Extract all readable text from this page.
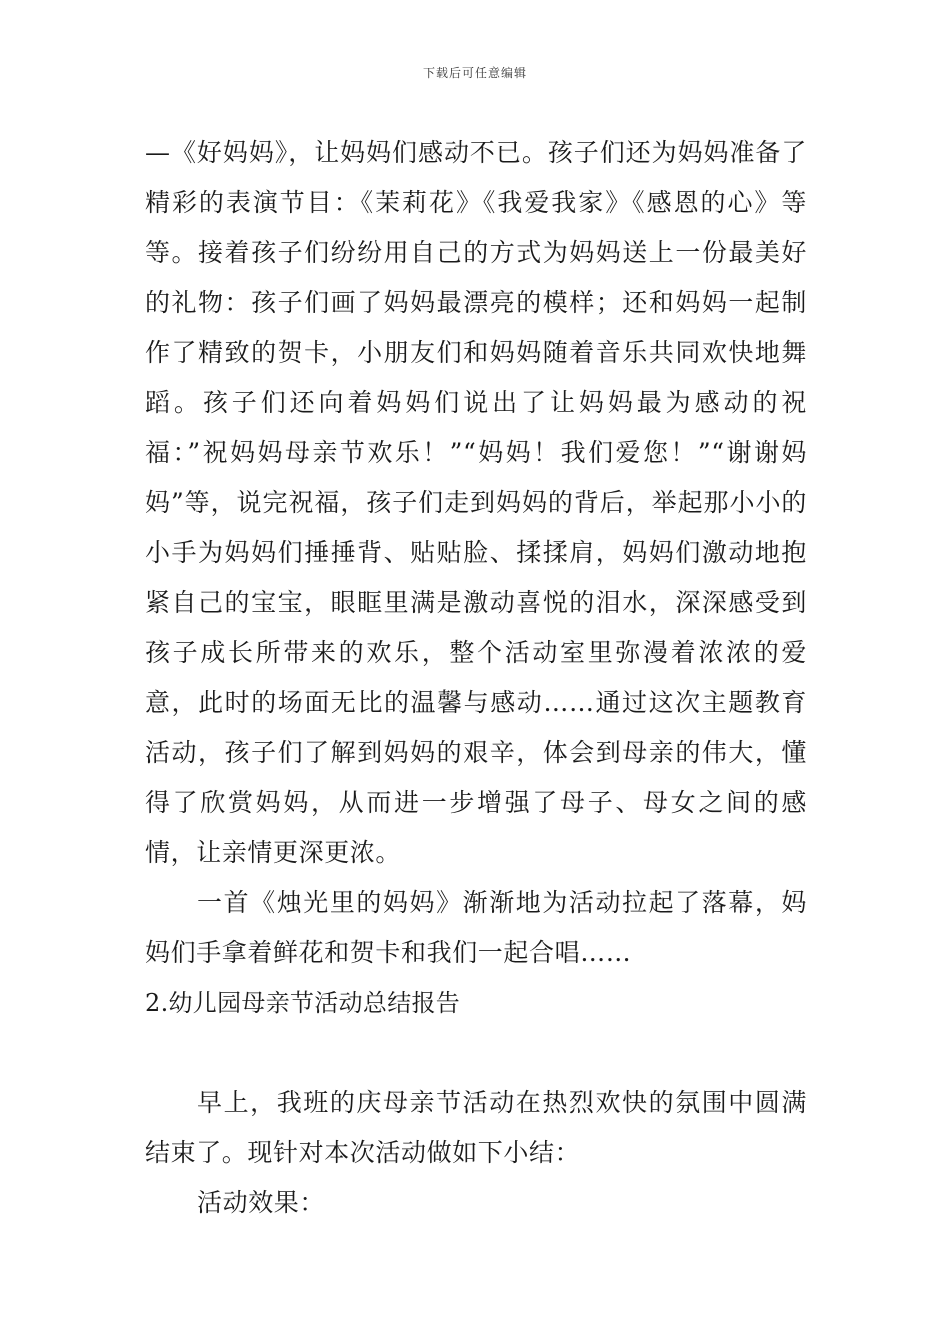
下载后可任意编辑

—《好妈妈》，让妈妈们感动不已。孩子们还为妈妈准备了精彩的表演节目：《茉莉花》《我爱我家》《感恩的心》等等。接着孩子们纷纷用自己的方式为妈妈送上一份最美好的礼物：孩子们画了妈妈最漂亮的模样；还和妈妈一起制作了精致的贺卡，小朋友们和妈妈随着音乐共同欢快地舞蹈。孩子们还向着妈妈们说出了让妈妈最为感动的祝福：”祝妈妈母亲节欢乐！”“妈妈！我们爱您！”“谢谢妈妈”等，说完祝福，孩子们走到妈妈的背后，举起那小小的小手为妈妈们捶捶背、贴贴脸、揉揉肩，妈妈们激动地抱紧自己的宝宝，眼眶里满是激动喜悦的泪水，深深感受到孩子成长所带来的欢乐，整个活动室里弥漫着浓浓的爱意，此时的场面无比的温馨与感动……通过这次主题教育活动，孩子们了解到妈妈的艰辛，体会到母亲的伟大，懂得了欣赏妈妈，从而进一步增强了母子、母女之间的感情，让亲情更深更浓。

一首《烛光里的妈妈》渐渐地为活动拉起了落幕，妈妈们手拿着鲜花和贺卡和我们一起合唱……

2.幼儿园母亲节活动总结报告

早上，我班的庆母亲节活动在热烈欢快的氛围中圆满结束了。现针对本次活动做如下小结：

活动效果：
